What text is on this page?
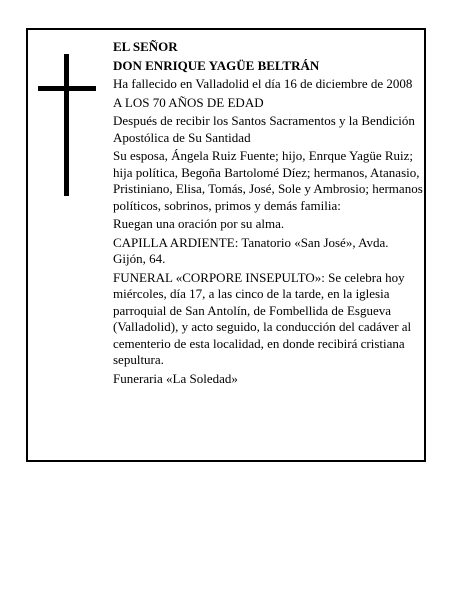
EL SEÑOR

DON ENRIQUE YAGÜE BELTRÁN

Ha fallecido en Valladolid el día 16 de diciembre de 2008

A LOS 70 AÑOS DE EDAD

Después de recibir los Santos Sacramentos y la Bendición Apostólica de Su Santidad

Su esposa, Ángela Ruiz Fuente; hijo, Enrque Yagüe Ruiz; hija política, Begoña Bartolomé Díez; hermanos, Atanasio, Pristiniano, Elisa, Tomás, José, Sole y Ambrosio; hermanos políticos, sobrinos, primos y demás familia:

Ruegan una oración por su alma.

CAPILLA ARDIENTE: Tanatorio «San José», Avda. Gijón, 64.

FUNERAL «CORPORE INSEPULTO»: Se celebra hoy miércoles, día 17, a las cinco de la tarde, en la iglesia parroquial de San Antolín, de Fombellida de Esgueva (Valladolid), y acto seguido, la conducción del cadáver al cementerio de esta localidad, en donde recibirá cristiana sepultura.

Funeraria «La Soledad»
